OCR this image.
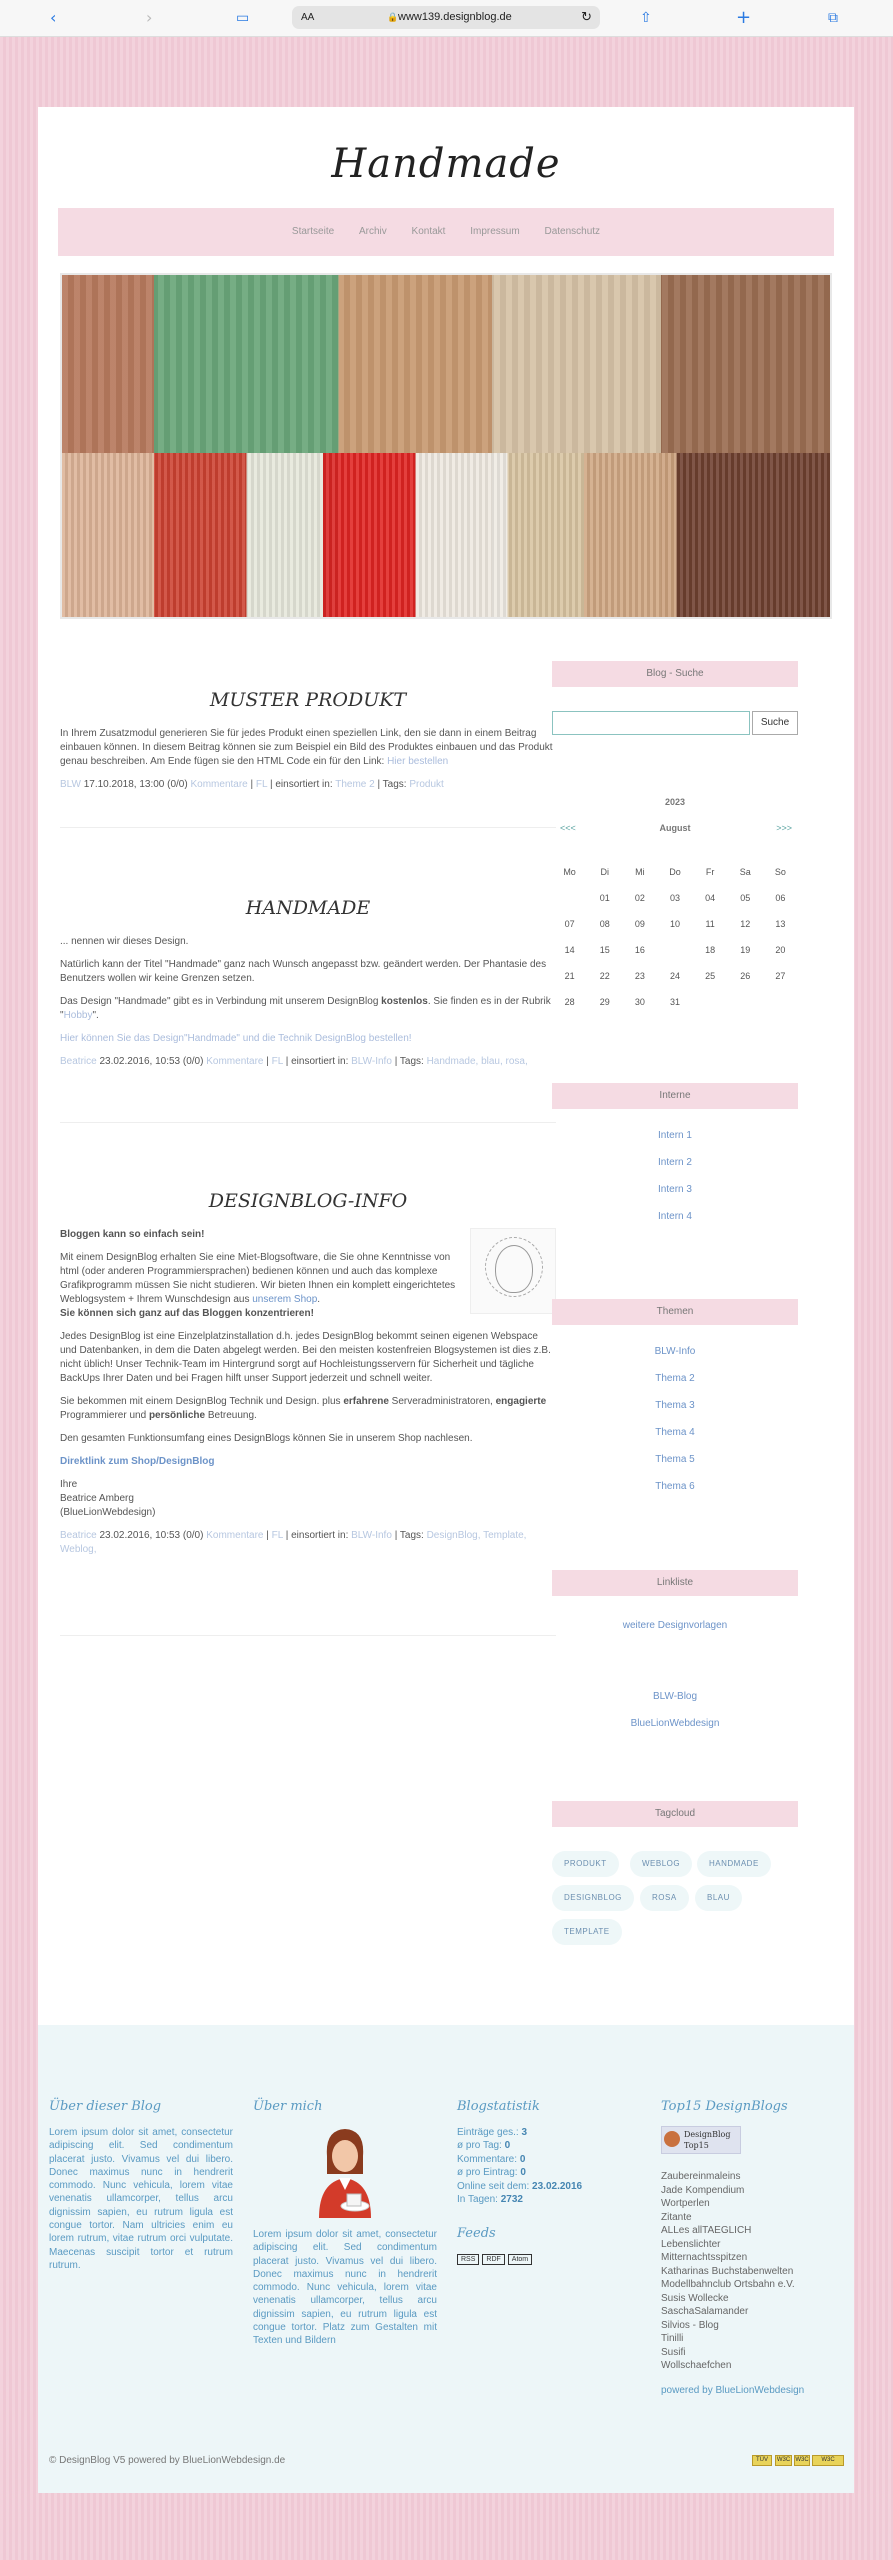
‹	›	▭	AA	🔒 www139.designblog.de	↻	⇧	+	⧉
Handmade
Startseite Archiv Kontakt Impressum Datenschutz
MUSTER PRODUKT

In Ihrem Zusatzmodul generieren Sie für jedes Produkt einen speziellen Link, den sie dann in einem Beitrag einbauen können. In diesem Beitrag können sie zum Beispiel ein Bild des Produktes einbauen und das Produkt genau beschreiben. Am Ende fügen sie den HTML Code ein für den Link: Hier bestellen

BLW 17.10.2018, 13:00 (0/0) Kommentare | FL | einsortiert in: Theme 2 | Tags: Produkt
HANDMADE

... nennen wir dieses Design.

Natürlich kann der Titel "Handmade" ganz nach Wunsch angepasst bzw. geändert werden. Der Phantasie des Benutzers wollen wir keine Grenzen setzen.

Das Design "Handmade" gibt es in Verbindung mit unserem DesignBlog kostenlos. Sie finden es in der Rubrik "Hobby".

Hier können Sie das Design"Handmade" und die Technik DesignBlog bestellen!

Beatrice 23.02.2016, 10:53 (0/0) Kommentare | FL | einsortiert in: BLW-Info | Tags: Handmade, blau, rosa,
DESIGNBLOG-INFO

Bloggen kann so einfach sein!

Mit einem DesignBlog erhalten Sie eine Miet-Blogsoftware, die Sie ohne Kenntnisse von html (oder anderen Programmiersprachen) bedienen können und auch das komplexe Grafikprogramm müssen Sie nicht studieren. Wir bieten Ihnen ein komplett eingerichtetes Weblogsystem + Ihrem Wunschdesign aus unserem Shop.
Sie können sich ganz auf das Bloggen konzentrieren!

Jedes DesignBlog ist eine Einzelplatzinstallation d.h. jedes DesignBlog bekommt seinen eigenen Webspace und Datenbanken, in dem die Daten abgelegt werden. Bei den meisten kostenfreien Blogsystemen ist dies z.B. nicht üblich! Unser Technik-Team im Hintergrund sorgt auf Hochleistungsservern für Sicherheit und tägliche BackUps Ihrer Daten und bei Fragen hilft unser Support jederzeit und schnell weiter.

Sie bekommen mit einem DesignBlog Technik und Design. plus erfahrene Serveradministratoren, engagierte Programmierer und persönliche Betreuung.

Den gesamten Funktionsumfang eines DesignBlogs können Sie in unserem Shop nachlesen.

Direktlink zum Shop/DesignBlog

Ihre
Beatrice Amberg
(BlueLionWebdesign)

Beatrice 23.02.2016, 10:53 (0/0) Kommentare | FL | einsortiert in: BLW-Info | Tags: DesignBlog, Template, Weblog,
Blog - Suche
Suche
2023
<<<	August	>>>
Mo	Di	Mi	Do	Fr	Sa	So
	01	02	03	04	05	06
07	08	09	10	11	12	13
14	15	16	17	18	19	20
21	22	23	24	25	26	27
28	29	30	31			
Interne
Intern 1
Intern 2
Intern 3
Intern 4
Themen
BLW-Info
Thema 2
Thema 3
Thema 4
Thema 5
Thema 6
Linkliste
weitere Designvorlagen
BLW-Blog
BlueLionWebdesign
Tagcloud
PRODUKT	WEBLOG	HANDMADE
DESIGNBLOG	ROSA	BLAU
TEMPLATE
Über dieser Blog
Lorem ipsum dolor sit amet, consectetur adipiscing elit. Sed condimentum placerat justo. Vivamus vel dui libero. Donec maximus nunc in hendrerit commodo. Nunc vehicula, lorem vitae venenatis ullamcorper, tellus arcu dignissim sapien, eu rutrum ligula est congue tortor. Nam ultricies enim eu lorem rutrum, vitae rutrum orci vulputate. Maecenas suscipit tortor et rutrum rutrum.
Über mich
Lorem ipsum dolor sit amet, consectetur adipiscing elit. Sed condimentum placerat justo. Vivamus vel dui libero. Donec maximus nunc in hendrerit commodo. Nunc vehicula, lorem vitae venenatis ullamcorper, tellus arcu dignissim sapien, eu rutrum ligula est congue tortor. Platz zum Gestalten mit Texten und Bildern
Blogstatistik
Einträge ges.: 3
ø pro Tag: 0
Kommentare: 0
ø pro Eintrag: 0
Online seit dem: 23.02.2016
In Tagen: 2732
Feeds
RSS RDF Atom
Top15 DesignBlogs
DesignBlog Top15
Zaubereinmaleins
Jade Kompendium
Wortperlen
Zitante
ALLes allTAEGLICH
Lebenslichter
Mitternachtsspitzen
Katharinas Buchstabenwelten
Modellbahnclub Ortsbahn e.V.
Susis Wollecke
SaschaSalamander
Silvios - Blog
Tinilli
Susifi
Wollschaefchen
powered by BlueLionWebdesign
© DesignBlog V5 powered by BlueLionWebdesign.de	TÜV	W3C W3C	W3C
